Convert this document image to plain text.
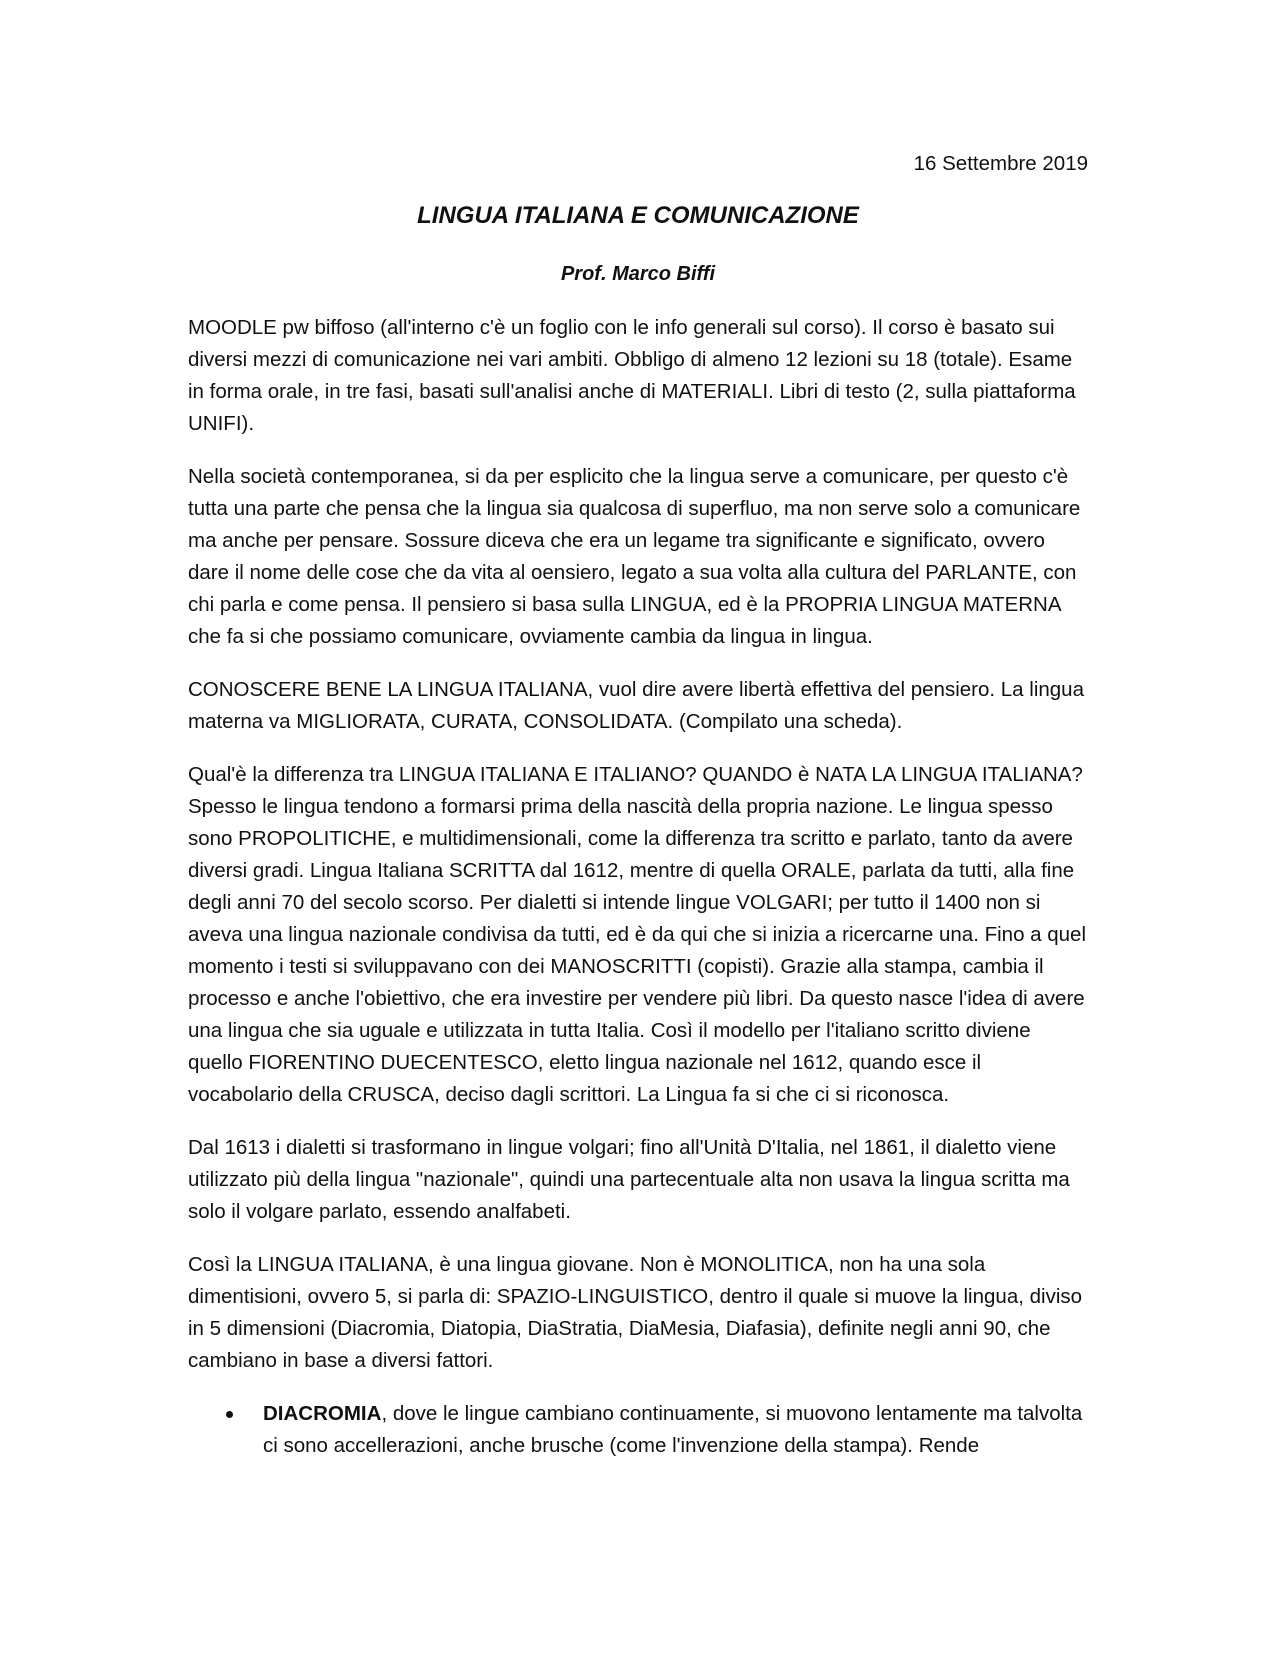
16 Settembre 2019

LINGUA ITALIANA E COMUNICAZIONE

Prof. Marco Biffi

MOODLE pw biffoso (all'interno c'è un foglio con le info generali sul corso). Il corso è basato sui diversi mezzi di comunicazione nei vari ambiti. Obbligo di almeno 12 lezioni su 18 (totale). Esame in forma orale, in tre fasi, basati sull'analisi anche di MATERIALI. Libri di testo (2, sulla piattaforma UNIFI).

Nella società contemporanea, si da per esplicito che la lingua serve a comunicare, per questo c'è tutta una parte che pensa che la lingua sia qualcosa di superfluo, ma non serve solo a comunicare ma anche per pensare. Sossure diceva che era un legame tra significante e significato, ovvero dare il nome delle cose che da vita al oensiero, legato a sua volta alla cultura del PARLANTE, con chi parla e come pensa. Il pensiero si basa sulla LINGUA, ed è la PROPRIA LINGUA MATERNA che fa si che possiamo comunicare, ovviamente cambia da lingua in lingua.

CONOSCERE BENE LA LINGUA ITALIANA, vuol dire avere libertà effettiva del pensiero. La lingua materna va MIGLIORATA, CURATA, CONSOLIDATA. (Compilato una scheda).

Qual'è la differenza tra LINGUA ITALIANA E ITALIANO? QUANDO è NATA LA LINGUA ITALIANA? Spesso le lingua tendono a formarsi prima della nascità della propria nazione. Le lingua spesso sono PROPOLITICHE, e multidimensionali, come la differenza tra scritto e parlato, tanto da avere diversi gradi. Lingua Italiana SCRITTA dal 1612, mentre di quella ORALE, parlata da tutti, alla fine degli anni 70 del secolo scorso. Per dialetti si intende lingue VOLGARI; per tutto il 1400 non si aveva una lingua nazionale condivisa da tutti, ed è da qui che si inizia a ricercarne una. Fino a quel momento i testi si sviluppavano con dei MANOSCRITTI (copisti). Grazie alla stampa, cambia il processo e anche l'obiettivo, che era investire per vendere più libri. Da questo nasce l'idea di avere una lingua che sia uguale e utilizzata in tutta Italia. Così il modello per l'italiano scritto diviene quello FIORENTINO DUECENTESCO, eletto lingua nazionale nel 1612, quando esce il vocabolario della CRUSCA, deciso dagli scrittori. La Lingua fa si che ci si riconosca.

Dal 1613 i dialetti si trasformano in lingue volgari; fino all'Unità D'Italia, nel 1861, il dialetto viene utilizzato più della lingua "nazionale", quindi una partecentuale alta non usava la lingua scritta ma solo il volgare parlato, essendo analfabeti.

Così la LINGUA ITALIANA, è una lingua giovane. Non è MONOLITICA, non ha una sola dimentisioni, ovvero 5, si parla di: SPAZIO-LINGUISTICO, dentro il quale si muove la lingua, diviso in 5 dimensioni (Diacromia, Diatopia, DiaStratia, DiaMesia, Diafasia), definite negli anni 90, che cambiano in base a diversi fattori.

DIACROMIA, dove le lingue cambiano continuamente, si muovono lentamente ma talvolta ci sono accellerazioni, anche brusche (come l'invenzione della stampa). Rende
